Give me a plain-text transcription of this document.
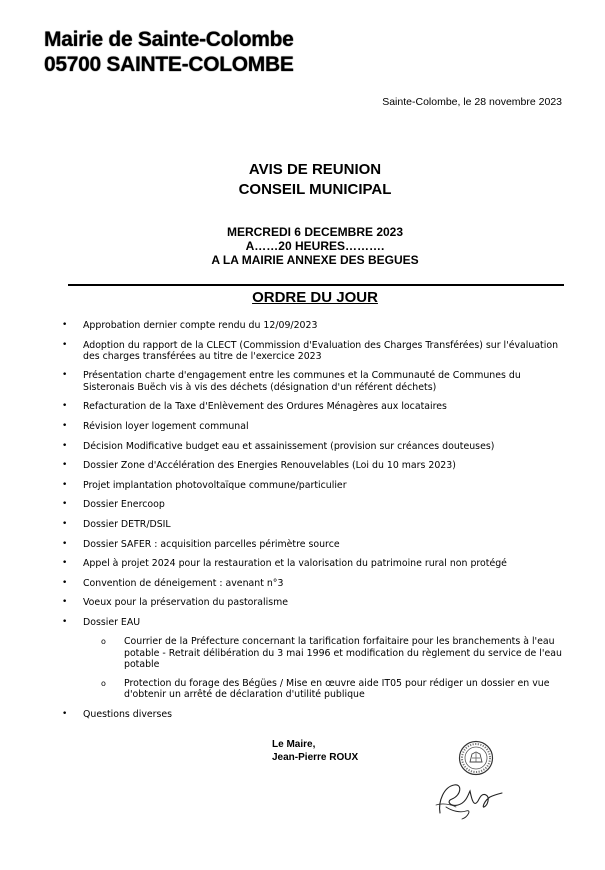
Mairie de Sainte-Colombe
05700 SAINTE-COLOMBE
Sainte-Colombe, le 28 novembre 2023
AVIS DE REUNION
CONSEIL MUNICIPAL
MERCREDI 6 DECEMBRE 2023
A……20 HEURES……….
A LA MAIRIE ANNEXE DES BEGUES
ORDRE DU JOUR
• Approbation dernier compte rendu du 12/09/2023
• Adoption du rapport de la CLECT (Commission d'Evaluation des Charges Transférées) sur l'évaluation des charges transférées au titre de l'exercice 2023
• Présentation charte d'engagement entre les communes et la Communauté de Communes du Sisteronais Buëch vis à vis des déchets (désignation d'un référent déchets)
• Refacturation de la Taxe d'Enlèvement des Ordures Ménagères aux locataires
• Révision loyer logement communal
• Décision Modificative budget eau et assainissement (provision sur créances douteuses)
• Dossier Zone d'Accélération des Energies Renouvelables (Loi du 10 mars 2023)
• Projet implantation photovoltaïque commune/particulier
• Dossier Enercoop
• Dossier DETR/DSIL
• Dossier SAFER : acquisition parcelles périmètre source
• Appel à projet 2024 pour la restauration et la valorisation du patrimoine rural non protégé
• Convention de déneigement : avenant n°3
• Voeux pour la préservation du pastoralisme
• Dossier EAU
o Courrier de la Préfecture concernant la tarification forfaitaire pour les branchements à l'eau potable - Retrait délibération du 3 mai 1996 et modification du règlement du service de l'eau potable
o Protection du forage des Bégües / Mise en œuvre aide IT05 pour rédiger un dossier en vue d'obtenir un arrêté de déclaration d'utilité publique
• Questions diverses
Le Maire,
Jean-Pierre ROUX
